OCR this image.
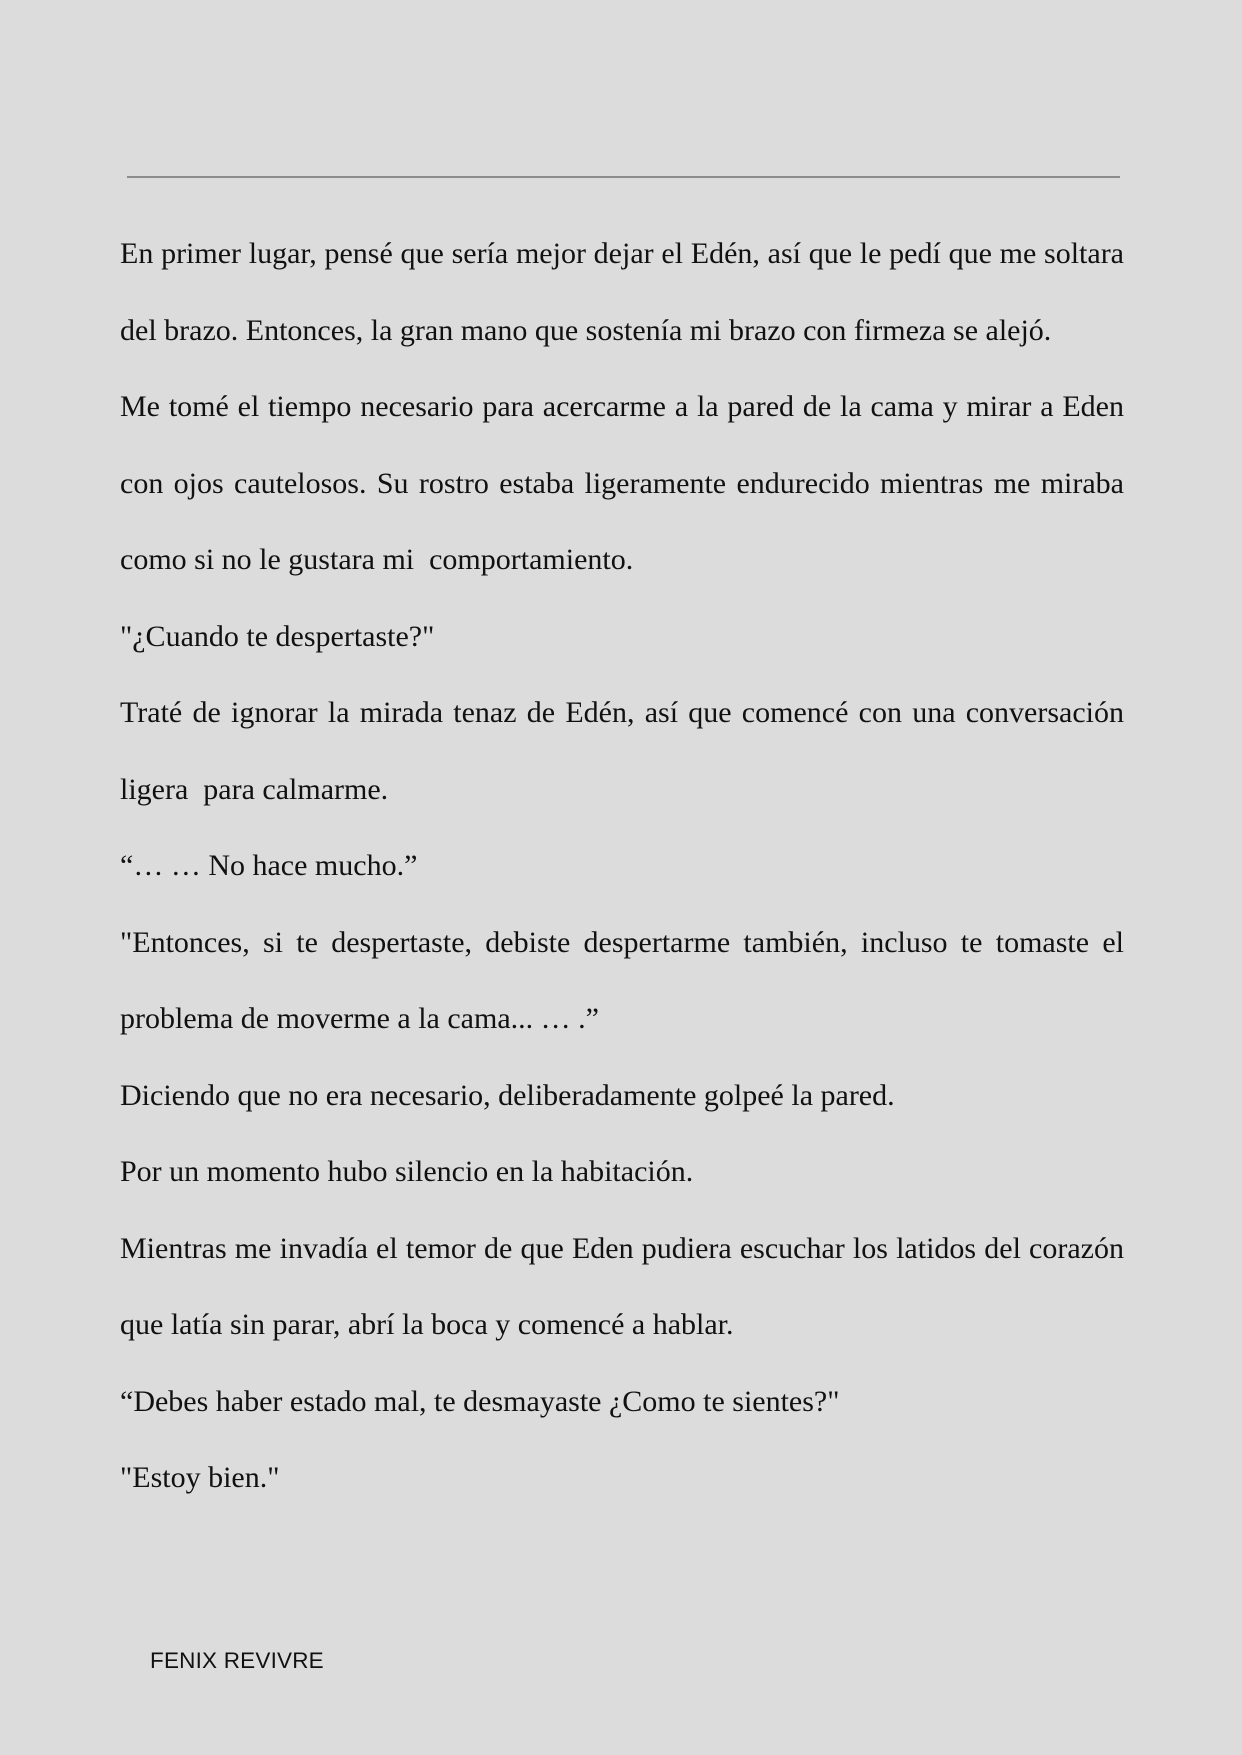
En primer lugar, pensé que sería mejor dejar el Edén, así que le pedí que me soltara del brazo. Entonces, la gran mano que sostenía mi brazo con firmeza se alejó.

Me tomé el tiempo necesario para acercarme a la pared de la cama y mirar a Eden con ojos cautelosos. Su rostro estaba ligeramente endurecido mientras me miraba como si no le gustara mi  comportamiento.

"¿Cuando te despertaste?"

Traté de ignorar la mirada tenaz de Edén, así que comencé con una conversación ligera  para calmarme.

“… … No hace mucho.”

"Entonces, si te despertaste, debiste despertarme también, incluso te tomaste el problema de moverme a la cama... … .”

Diciendo que no era necesario, deliberadamente golpeé la pared.

Por un momento hubo silencio en la habitación.

Mientras me invadía el temor de que Eden pudiera escuchar los latidos del corazón que latía sin parar, abrí la boca y comencé a hablar.

“Debes haber estado mal, te desmayaste ¿Como te sientes?"

"Estoy bien."

FENIX REVIVRE
